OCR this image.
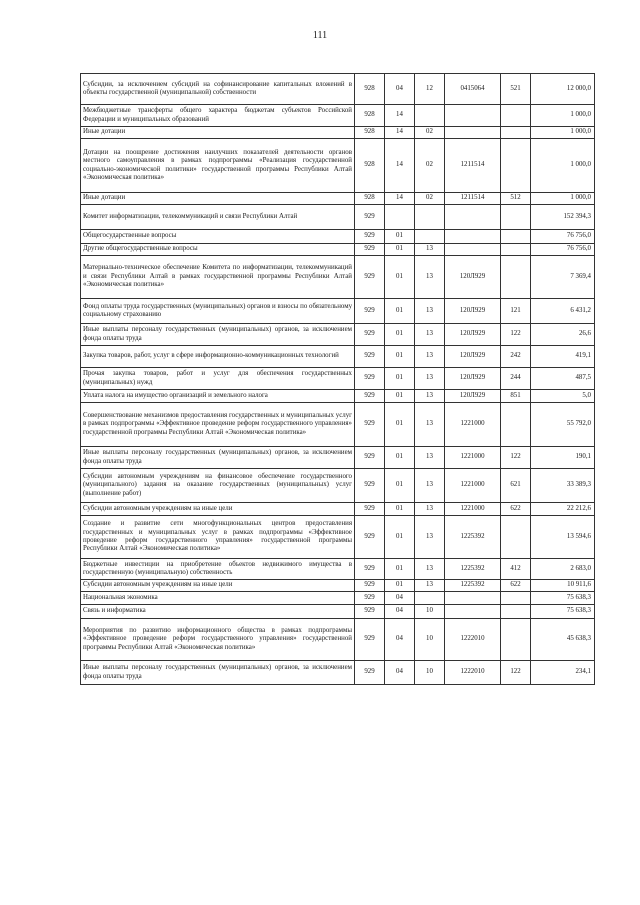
111
Субсидии, за исключением субсидий на софинансирование капитальных вложений в объекты государственной (муниципальной) собственности	928	04	12	0415064	521	12 000,0
Межбюджетные трансферты общего характера бюджетам субъектов Российской Федерации и муниципальных образований	928	14				1 000,0
Иные дотации	928	14	02			1 000,0
Дотации на поощрение достижения наилучших показателей деятельности органов местного самоуправления в рамках подпрограммы «Реализация государственной социально-экономической политики» государственной программы Республики Алтай «Экономическая политика»	928	14	02	1211514		1 000,0
Иные дотации	928	14	02	1211514	512	1 000,0
Комитет информатизации, телекоммуникаций и связи Республики Алтай	929					152 394,3
Общегосударственные вопросы	929	01				76 756,0
Другие общегосударственные вопросы	929	01	13			76 756,0
Материально-техническое обеспечение Комитета по информатизации, телекоммуникаций и связи Республики Алтай в рамках государственной программы Республики Алтай «Экономическая политика»	929	01	13	120Л929		7 369,4
Фонд оплаты труда государственных (муниципальных) органов и взносы по обязательному социальному страхованию	929	01	13	120Л929	121	6 431,2
Иные выплаты персоналу государственных (муниципальных) органов, за исключением фонда оплаты труда	929	01	13	120Л929	122	26,6
Закупка товаров, работ, услуг в сфере информационно-коммуникационных технологий	929	01	13	120Л929	242	419,1
Прочая закупка товаров, работ и услуг для обеспечения государственных (муниципальных) нужд	929	01	13	120Л929	244	487,5
Уплата налога на имущество организаций и земельного налога	929	01	13	120Л929	851	5,0
Совершенствование механизмов предоставления государственных и муниципальных услуг в рамках подпрограммы «Эффективное проведение реформ государственного управления» государственной программы Республики Алтай «Экономическая политика»	929	01	13	1221000		55 792,0
Иные выплаты персоналу государственных (муниципальных) органов, за исключением фонда оплаты труда	929	01	13	1221000	122	190,1
Субсидии автономным учреждениям на финансовое обеспечение государственного (муниципального) задания на оказание государственных (муниципальных) услуг (выполнение работ)	929	01	13	1221000	621	33 389,3
Субсидии автономным учреждениям на иные цели	929	01	13	1221000	622	22 212,6
Создание и развитие сети многофункциональных центров предоставления государственных и муниципальных услуг в рамках подпрограммы «Эффективное проведение реформ государственного управления» государственной программы Республики Алтай «Экономическая политика»	929	01	13	1225392		13 594,6
Бюджетные инвестиции на приобретение объектов недвижимого имущества в государственную (муниципальную) собственность	929	01	13	1225392	412	2 683,0
Субсидии автономным учреждениям на иные цели	929	01	13	1225392	622	10 911,6
Национальная экономика	929	04				75 638,3
Связь и информатика	929	04	10			75 638,3
Мероприятия по развитию информационного общества в рамках подпрограммы «Эффективное проведение реформ государственного управления» государственной программы Республики Алтай «Экономическая политика»	929	04	10	1222010		45 638,3
Иные выплаты персоналу государственных (муниципальных) органов, за исключением фонда оплаты труда	929	04	10	1222010	122	234,1
